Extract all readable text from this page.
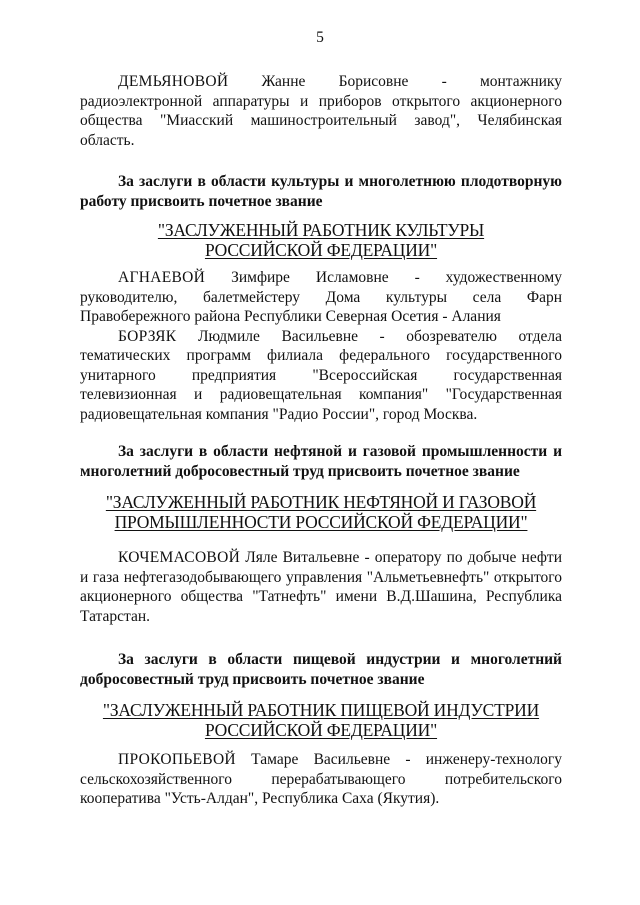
5

ДЕМЬЯНОВОЙ Жанне Борисовне - монтажнику радиоэлектронной аппаратуры и приборов открытого акционерного общества "Миасский машиностроительный завод", Челябинская область.

За заслуги в области культуры и многолетнюю плодотворную работу присвоить почетное звание
"ЗАСЛУЖЕННЫЙ РАБОТНИК КУЛЬТУРЫ
РОССИЙСКОЙ ФЕДЕРАЦИИ"

АГНАЕВОЙ Зимфире Исламовне - художественному руководителю, балетмейстеру Дома культуры села Фарн Правобережного района Республики Северная Осетия - Алания

БОРЗЯК Людмиле Васильевне - обозревателю отдела тематических программ филиала федерального государственного унитарного предприятия "Всероссийская государственная телевизионная и радиовещательная компания" "Государственная радиовещательная компания "Радио России", город Москва.

За заслуги в области нефтяной и газовой промышленности и многолетний добросовестный труд присвоить почетное звание
"ЗАСЛУЖЕННЫЙ РАБОТНИК НЕФТЯНОЙ И ГАЗОВОЙ
ПРОМЫШЛЕННОСТИ РОССИЙСКОЙ ФЕДЕРАЦИИ"

КОЧЕМАСОВОЙ Ляле Витальевне - оператору по добыче нефти и газа нефтегазодобывающего управления "Альметьевнефть" открытого акционерного общества "Татнефть" имени В.Д.Шашина, Республика Татарстан.

За заслуги в области пищевой индустрии и многолетний добросовестный труд присвоить почетное звание
"ЗАСЛУЖЕННЫЙ РАБОТНИК ПИЩЕВОЙ ИНДУСТРИИ
РОССИЙСКОЙ ФЕДЕРАЦИИ"

ПРОКОПЬЕВОЙ Тамаре Васильевне - инженеру-технологу сельскохозяйственного перерабатывающего потребительского кооператива "Усть-Алдан", Республика Саха (Якутия).
